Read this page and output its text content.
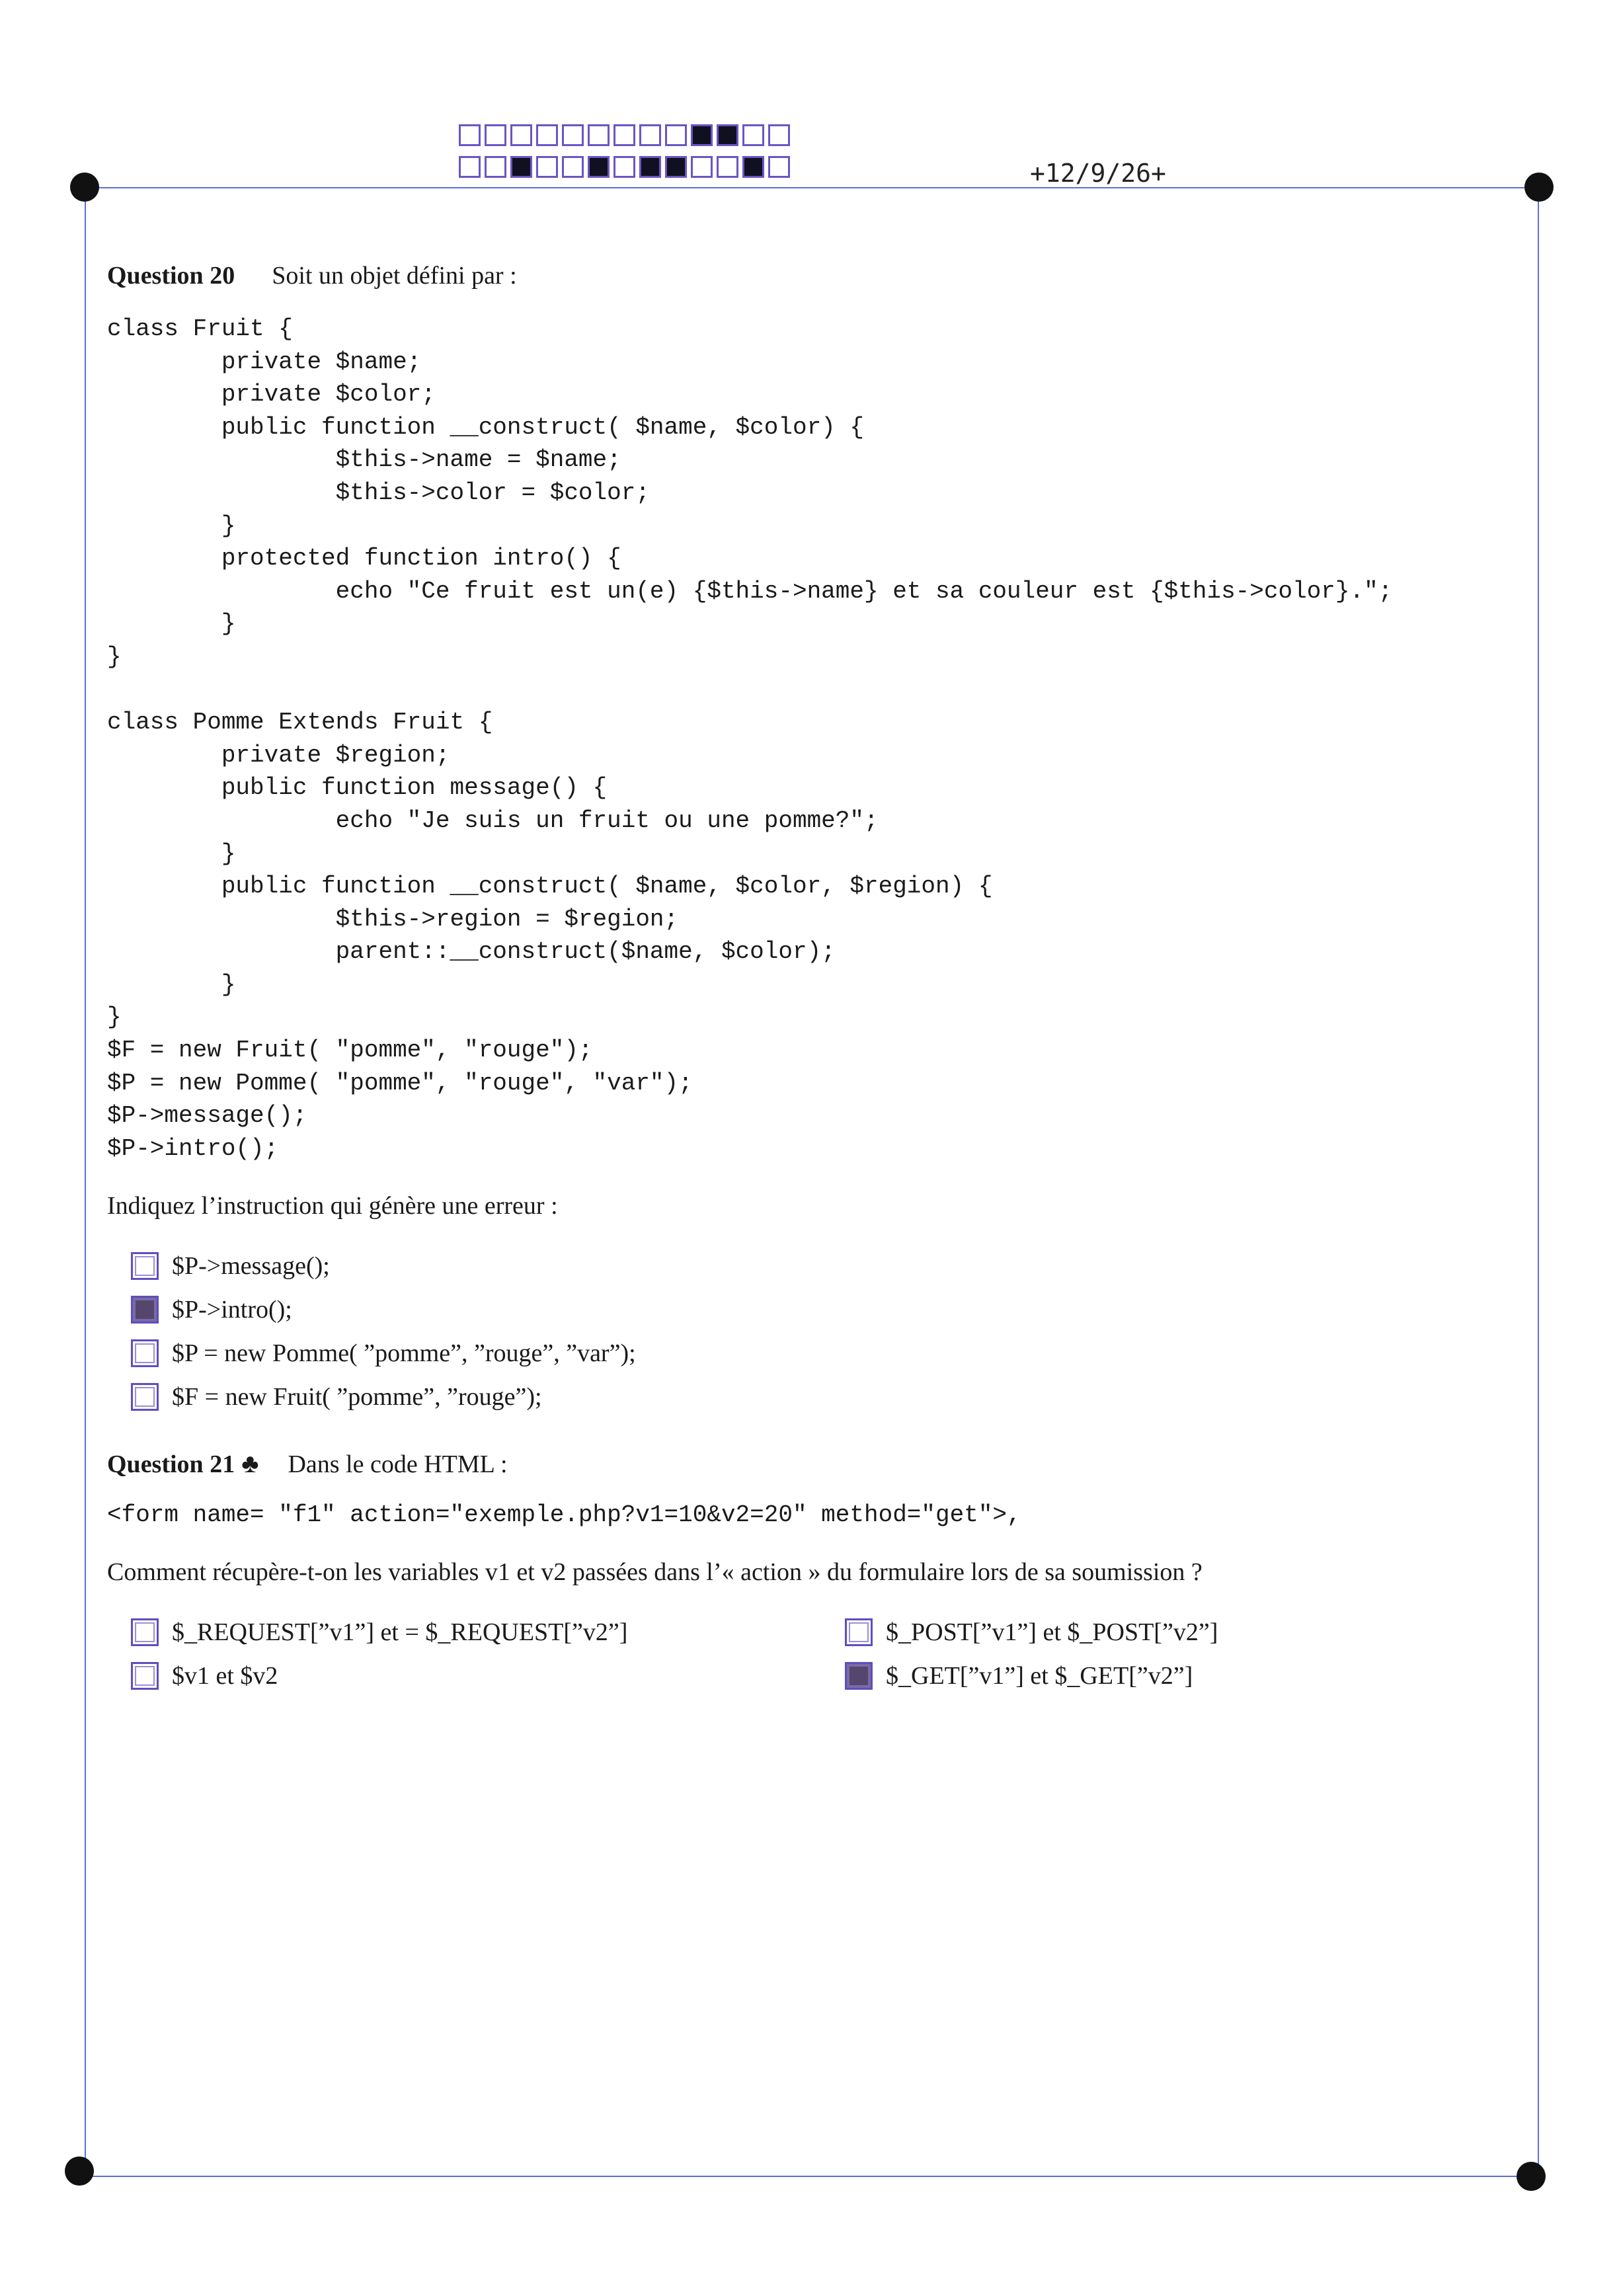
+12/9/26+
Question 20 Soit un objet défini par :
class Fruit {
private $name;
private $color;
public function __construct( $name, $color) {
$this->name = $name;
$this->color = $color;
}
protected function intro() {
echo "Ce fruit est un(e) {$this->name} et sa couleur est {$this->color}.";
}
}

class Pomme Extends Fruit {
private $region;
public function message() {
echo "Je suis un fruit ou une pomme?";
}
public function __construct( $name, $color, $region) {
$this->region = $region;
parent::__construct($name, $color);
}
}
$F = new Fruit( "pomme", "rouge");
$P = new Pomme( "pomme", "rouge", "var");
$P->message();
$P->intro();

Indiquez l’instruction qui génère une erreur :

$P->message();
$P->intro();
$P = new Pomme( ”pomme”, ”rouge”, ”var”);
$F = new Fruit( ”pomme”, ”rouge”);
Question 21 ♣ Dans le code HTML :

<form name= "f1" action="exemple.php?v1=10&v2=20" method="get">,

Comment récupère-t-on les variables v1 et v2 passées dans l’« action » du formulaire lors de sa soumission ?

$_REQUEST[”v1”] et = $_REQUEST[”v2”]	$_POST[”v1”] et $_POST[”v2”]
$v1 et $v2	$_GET[”v1”] et $_GET[”v2”]
